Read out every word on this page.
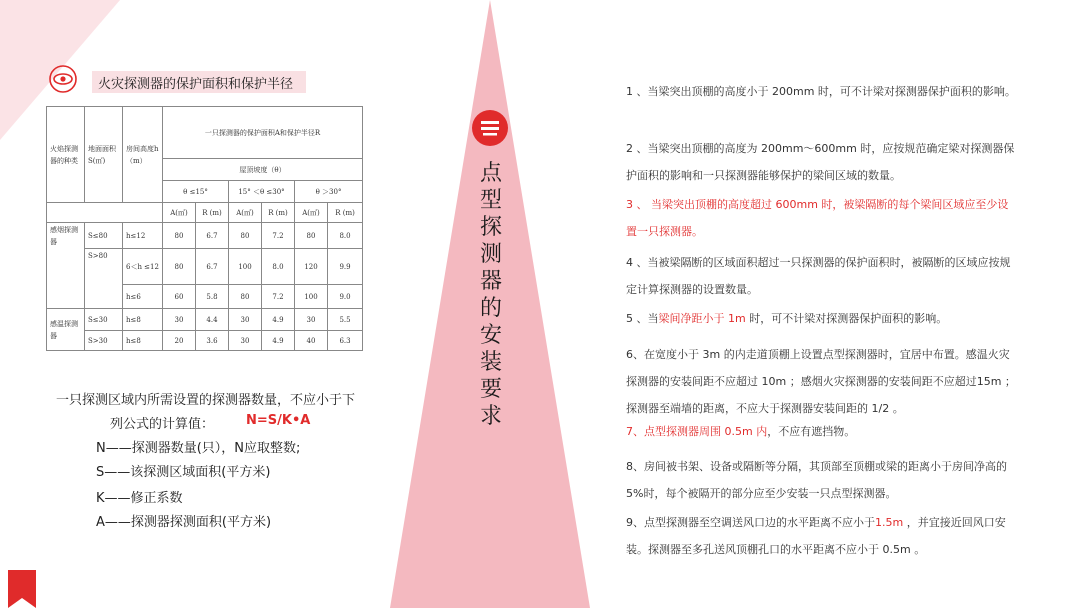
火灾探测器的保护面积和保护半径
火焰探测器的种类	地面面积S(㎡)	房间高度h（m）	一只探测器的保护面积A和保护半径R					
			屋顶坡度（θ）					
			θ ≤15°		15° ＜θ ≤30°		θ ＞30°	
			A(㎡)	R (m)	A(㎡)	R (m)	A(㎡)	R (m)
感烟探测器	S≤80	h≤12	80	6.7	80	7.2	80	8.0
	S>80	6＜h ≤12	80	6.7	100	8.0	120	9.9
		h≤6	60	5.8	80	7.2	100	9.0
感温探测器	S≤30	h≤8	30	4.4	30	4.9	30	5.5
	S>30	h≤8	20	3.6	30	4.9	40	6.3
一只探测区域内所需设置的探测器数量，不应小于下
列公式的计算值： N=S/K•A
N——探测器数量(只），N应取整数;
S——该探测区域面积(平方米)
K——修正系数
A——探测器探测面积(平方米)
点型探测器的安装要求
1 、当梁突出顶棚的高度小于 200mm 时，可不计梁对探测器保护面积的影响。
2 、当梁突出顶棚的高度为 200mm～600mm 时，应按规范确定梁对探测器保护面积的影响和一只探测器能够保护的梁间区域的数量。
3 、 当梁突出顶棚的高度超过 600mm 时，被梁隔断的每个梁间区域应至少设置一只探测器。
4 、当被梁隔断的区域面积超过一只探测器的保护面积时，被隔断的区域应按规定计算探测器的设置数量。
5 、当梁间净距小于 1m 时，可不计梁对探测器保护面积的影响。
6、在宽度小于 3m 的内走道顶棚上设置点型探测器时，宜居中布置。感温火灾探测器的安装间距不应超过 10m ；感烟火灾探测器的安装间距不应超过15m ；探测器至端墙的距离，不应大于探测器安装间距的 1/2 。
7、点型探测器周围 0.5m 内，不应有遮挡物。
8、房间被书架、设备或隔断等分隔，其顶部至顶棚或梁的距离小于房间净高的5%时，每个被隔开的部分应至少安装一只点型探测器。
9、点型探测器至空调送风口边的水平距离不应小于1.5m ，并宜接近回风口安装。探测器至多孔送风顶棚孔口的水平距离不应小于 0.5m 。
